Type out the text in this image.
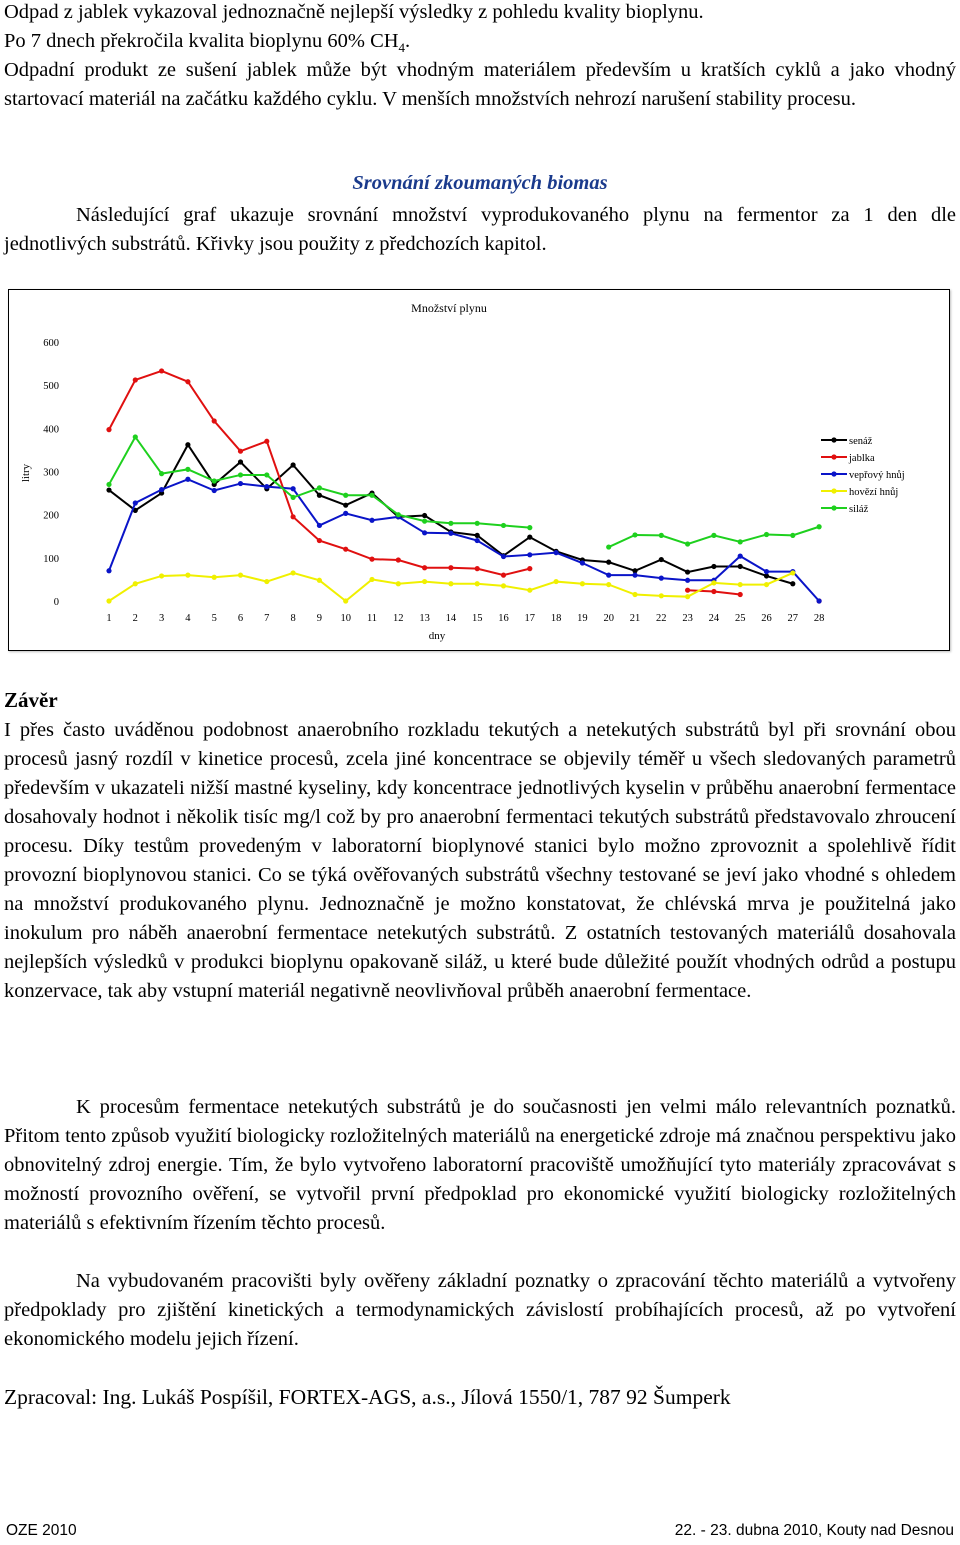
Odpad z jablek vykazoval jednoznačně nejlepší výsledky z pohledu kvality bioplynu.
Po 7 dnech překročila kvalita bioplynu 60% $CH_4$.
Odpadní produkt ze sušení jablek může být vhodným materiálem především u kratších cyklů a jako vhodný startovací materiál na začátku každého cyklu. V menších množstvích nehrozí narušení stability procesu.
Srovnání zkoumaných biomas
Následující graf ukazuje srovnání množství vyprodukovaného plynu na fermentor za 1 den dle jednotlivých substrátů. Křivky jsou použity z předchozích kapitol.
Množství plynu
litry
dny
0
100
200
300
400
500
600
1 2 3 4 5 6 7 8 9 10 11 12 13 14 15 16 17 18 19 20 21 22 23 24 25 26 27 28
senáž
jablka
vepřový hnůj
hovězí hnůj
siláž
Závěr
I přes často uváděnou podobnost anaerobního rozkladu tekutých a netekutých substrátů byl při srovnání obou procesů jasný rozdíl v kinetice procesů, zcela jiné koncentrace se objevily téměř u všech sledovaných parametrů především v ukazateli nižší mastné kyseliny, kdy koncentrace jednotlivých kyselin v průběhu anaerobní fermentace dosahovaly hodnot i několik tisíc mg/l což by pro anaerobní fermentaci tekutých substrátů představovalo zhroucení procesu. Díky testům provedeným v laboratorní bioplynové stanici bylo možno zprovoznit a spolehlivě řídit provozní bioplynovou stanici. Co se týká ověřovaných substrátů všechny testované se jeví jako vhodné s ohledem na množství produkovaného plynu. Jednoznačně je možno konstatovat, že chlévská mrva je použitelná jako inokulum pro náběh anaerobní fermentace netekutých substrátů. Z ostatních testovaných materiálů dosahovala nejlepších výsledků v produkci bioplynu opakovaně siláž, u které bude důležité použít vhodných odrůd a postupu konzervace, tak aby vstupní materiál negativně neovlivňoval průběh anaerobní fermentace.
K procesům fermentace netekutých substrátů je do současnosti jen velmi málo relevantních poznatků. Přitom tento způsob využití biologicky rozložitelných materiálů na energetické zdroje má značnou perspektivu jako obnovitelný zdroj energie. Tím, že bylo vytvořeno laboratorní pracoviště umožňující tyto materiály zpracovávat s možností provozního ověření, se vytvořil první předpoklad pro ekonomické využití biologicky rozložitelných materiálů s efektivním řízením těchto procesů.
Na vybudovaném pracovišti byly ověřeny základní poznatky o zpracování těchto materiálů a vytvořeny předpoklady pro zjištění kinetických a termodynamických závislostí probíhajících procesů, až po vytvoření ekonomického modelu jejich řízení.
Zpracoval: Ing. Lukáš Pospíšil, FORTEX-AGS, a.s., Jílová 1550/1, 787 92 Šumperk
OZE 2010	22. - 23. dubna 2010, Kouty nad Desnou
